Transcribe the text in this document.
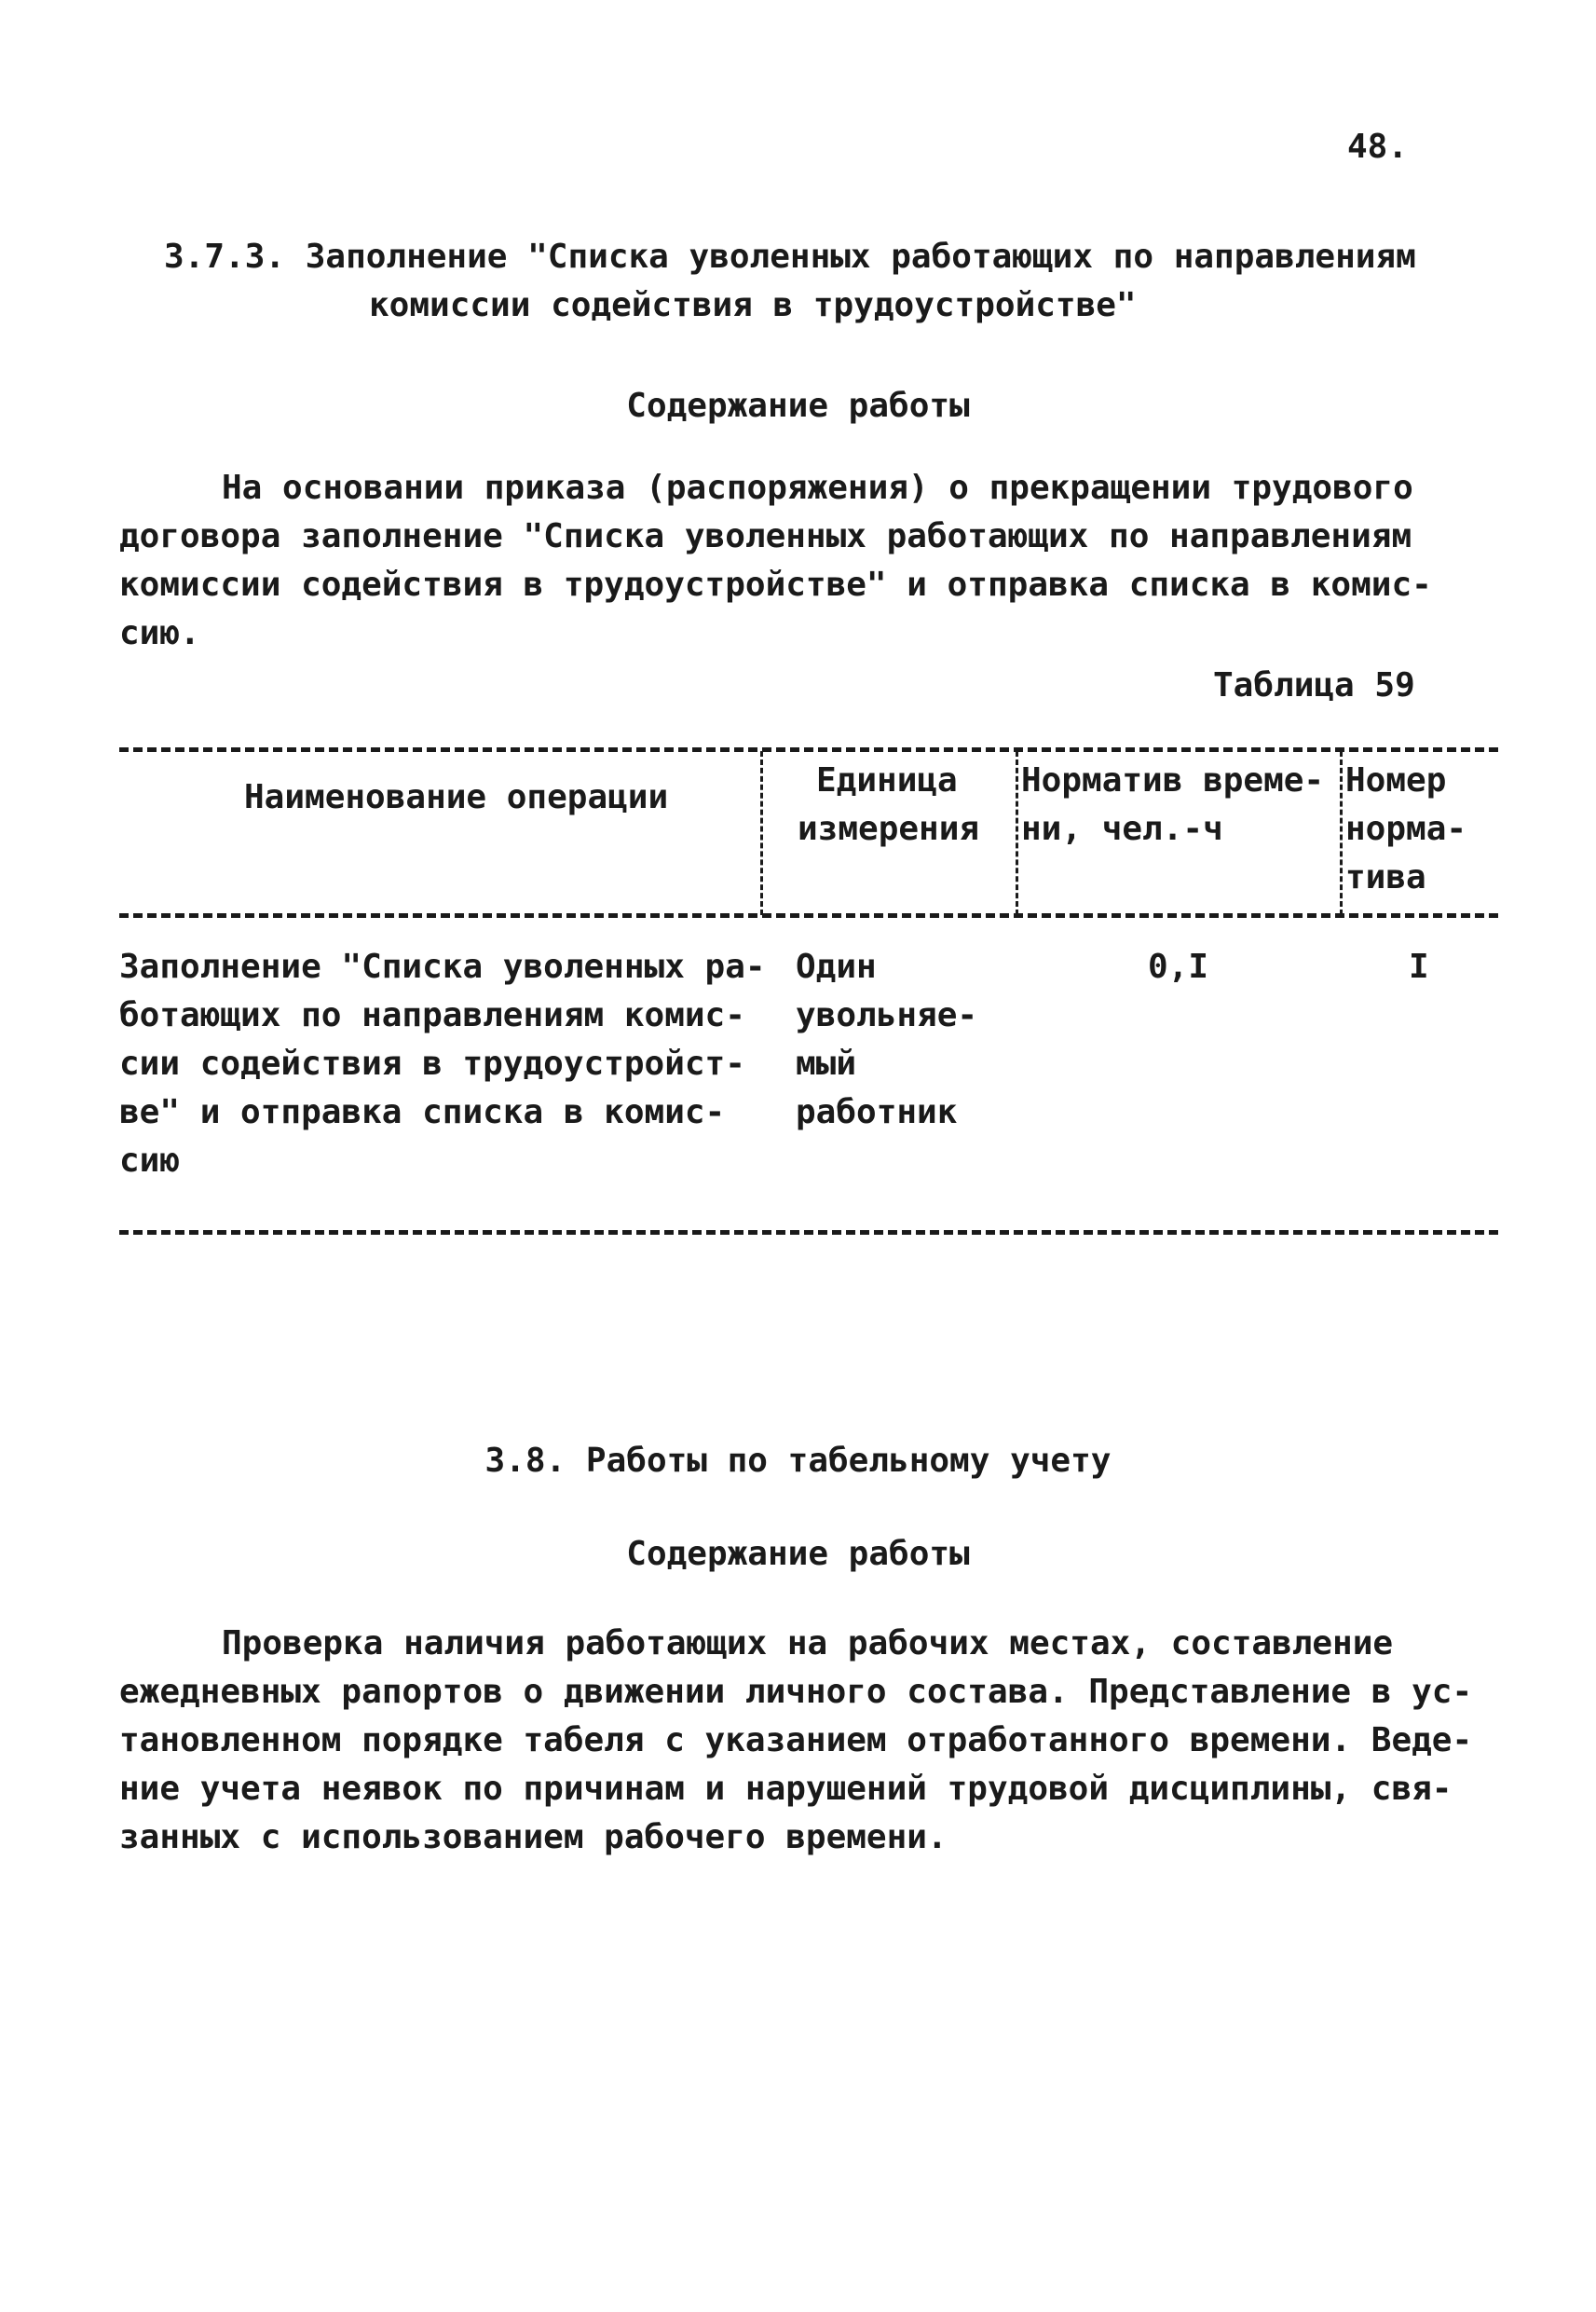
48.

3.7.3. Заполнение "Списка уволенных работающих по направлениям
комиссии содействия в трудоустройстве"

Содержание работы

На основании приказа (распоряжения) о прекращении трудового
договора заполнение "Списка уволенных работающих по направлениям
комиссии содействия в трудоустройстве" и отправка списка в комис-
сию.

Таблица 59

Наименование операции	Единица
измерения

Норматив време-
ни, чел.-ч

Номер
норма-
тива

Заполнение "Списка уволенных ра-
ботающих по направлениям комис-
сии содействия в трудоустройст-
ве" и отправка списка в комис-
сию

Один
увольняе-
мый
работник

0,I	I

3.8. Работы по табельному учету

Содержание работы

Проверка наличия работающих на рабочих местах, составление
ежедневных рапортов о движении личного состава. Представление в ус-
тановленном порядке табеля с указанием отработанного времени. Веде-
ние учета неявок по причинам и нарушений трудовой дисциплины, свя-
занных с использованием рабочего времени.
